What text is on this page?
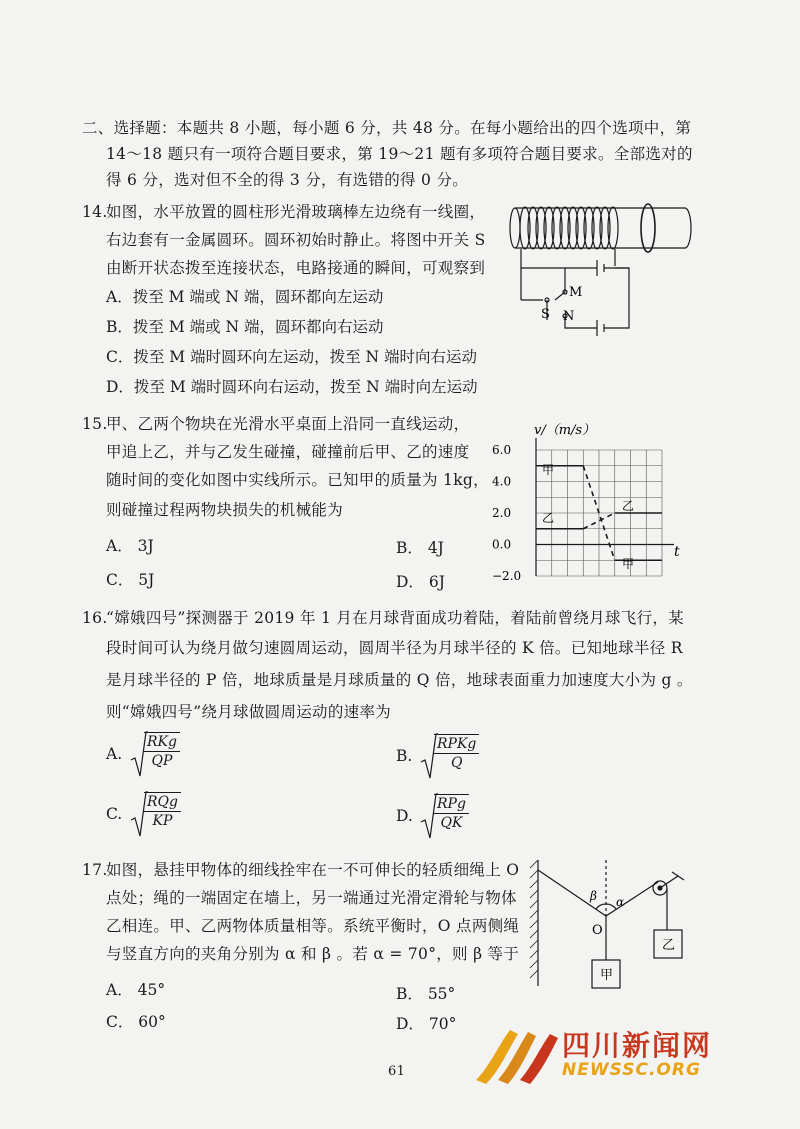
二、选择题：本题共 8 小题，每小题 6 分，共 48 分。在每小题给出的四个选项中，第
14～18 题只有一项符合题目要求，第 19～21 题有多项符合题目要求。全部选对的
得 6 分，选对但不全的得 3 分，有选错的得 0 分。
14.
如图，水平放置的圆柱形光滑玻璃棒左边绕有一线圈，
右边套有一金属圆环。圆环初始时静止。将图中开关 S
由断开状态拨至连接状态，电路接通的瞬间，可观察到
A．拨至 M 端或 N 端，圆环都向左运动
B．拨至 M 端或 N 端，圆环都向右运动
C．拨至 M 端时圆环向左运动，拨至 N 端时向右运动
D．拨至 M 端时圆环向右运动，拨至 N 端时向左运动
M
N
S
15.
甲、乙两个物块在光滑水平桌面上沿同一直线运动，
甲追上乙，并与乙发生碰撞，碰撞前后甲、乙的速度
随时间的变化如图中实线所示。已知甲的质量为 1kg，
则碰撞过程两物块损失的机械能为
A． 3J	B． 4J
C． 5J	D． 6J
6.0
4.0
2.0
0.0
−2.0
v/（m/s）
t
甲
乙
乙
甲
16.
“嫦娥四号”探测器于 2019 年 1 月在月球背面成功着陆，着陆前曾绕月球飞行，某
段时间可认为绕月做匀速圆周运动，圆周半径为月球半径的 K 倍。已知地球半径 R
是月球半径的 P 倍，地球质量是月球质量的 Q 倍，地球表面重力加速度大小为 g 。
则“嫦娥四号”绕月球做圆周运动的速率为
A.
RKg
QP	B.
RPKg
Q
C.
RQg
KP	D.
RPg
QK
17.
如图，悬挂甲物体的细线拴牢在一不可伸长的轻质细绳上 O
点处；绳的一端固定在墙上，另一端通过光滑定滑轮与物体
乙相连。甲、乙两物体质量相等。系统平衡时，O 点两侧绳
与竖直方向的夹角分别为 α 和 β 。若 α = 70°，则 β 等于
A． 45°	B． 55°
C． 60°	D． 70°
β α
O
甲
乙
61
四川新闻网
NEWSSC.ORG
